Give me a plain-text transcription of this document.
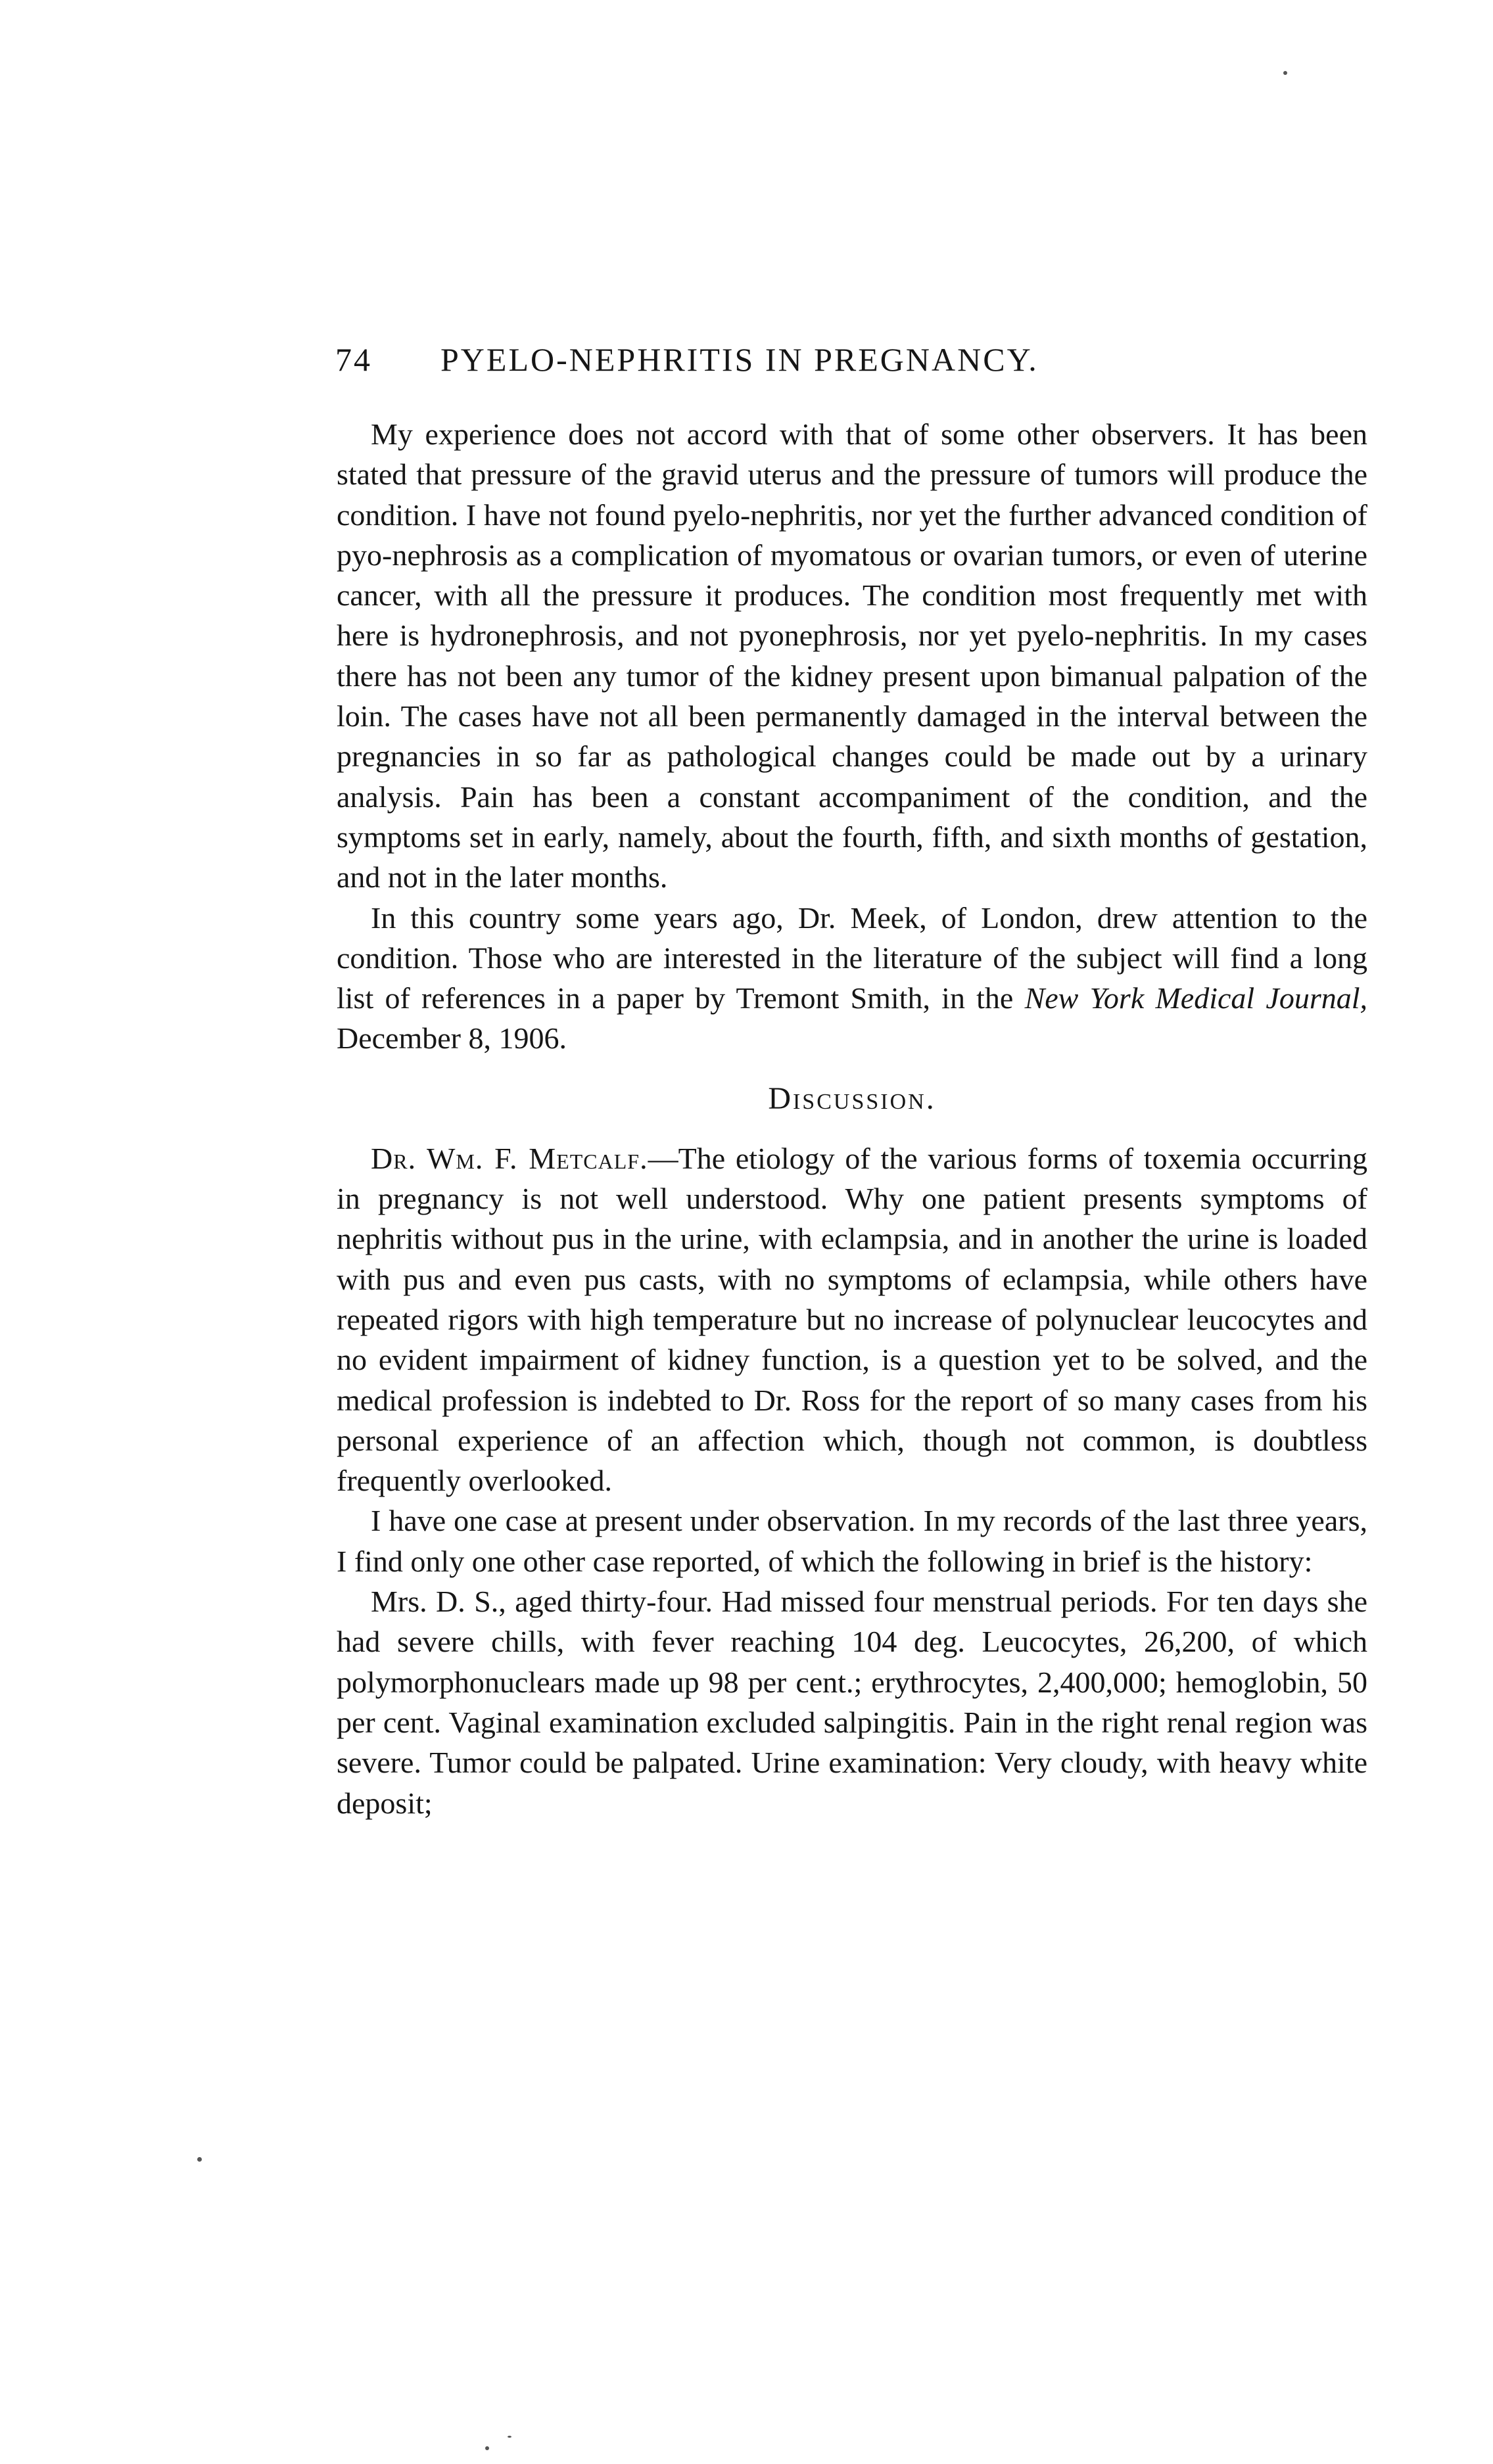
74 PYELO-NEPHRITIS IN PREGNANCY.

My experience does not accord with that of some other observers. It has been stated that pressure of the gravid uterus and the pressure of tumors will produce the condition. I have not found pyelo-nephritis, nor yet the further advanced condition of pyo-nephrosis as a complication of myomatous or ovarian tumors, or even of uterine cancer, with all the pressure it produces. The condition most frequently met with here is hydronephrosis, and not pyonephrosis, nor yet pyelo-nephritis. In my cases there has not been any tumor of the kidney present upon bimanual palpation of the loin. The cases have not all been permanently damaged in the interval between the pregnancies in so far as pathological changes could be made out by a urinary analysis. Pain has been a constant accompaniment of the condition, and the symptoms set in early, namely, about the fourth, fifth, and sixth months of gestation, and not in the later months.

In this country some years ago, Dr. Meek, of London, drew attention to the condition. Those who are interested in the literature of the subject will find a long list of references in a paper by Tremont Smith, in the New York Medical Journal, December 8, 1906.

Discussion.

Dr. Wm. F. Metcalf.—The etiology of the various forms of toxemia occurring in pregnancy is not well understood. Why one patient presents symptoms of nephritis without pus in the urine, with eclampsia, and in another the urine is loaded with pus and even pus casts, with no symptoms of eclampsia, while others have repeated rigors with high temperature but no increase of polynuclear leucocytes and no evident impairment of kidney function, is a question yet to be solved, and the medical profession is indebted to Dr. Ross for the report of so many cases from his personal experience of an affection which, though not common, is doubtless frequently overlooked.

I have one case at present under observation. In my records of the last three years, I find only one other case reported, of which the following in brief is the history:

Mrs. D. S., aged thirty-four. Had missed four menstrual periods. For ten days she had severe chills, with fever reaching 104 deg. Leucocytes, 26,200, of which polymorphonuclears made up 98 per cent.; erythrocytes, 2,400,000; hemoglobin, 50 per cent. Vaginal examination excluded salpingitis. Pain in the right renal region was severe. Tumor could be palpated. Urine examination: Very cloudy, with heavy white deposit;
